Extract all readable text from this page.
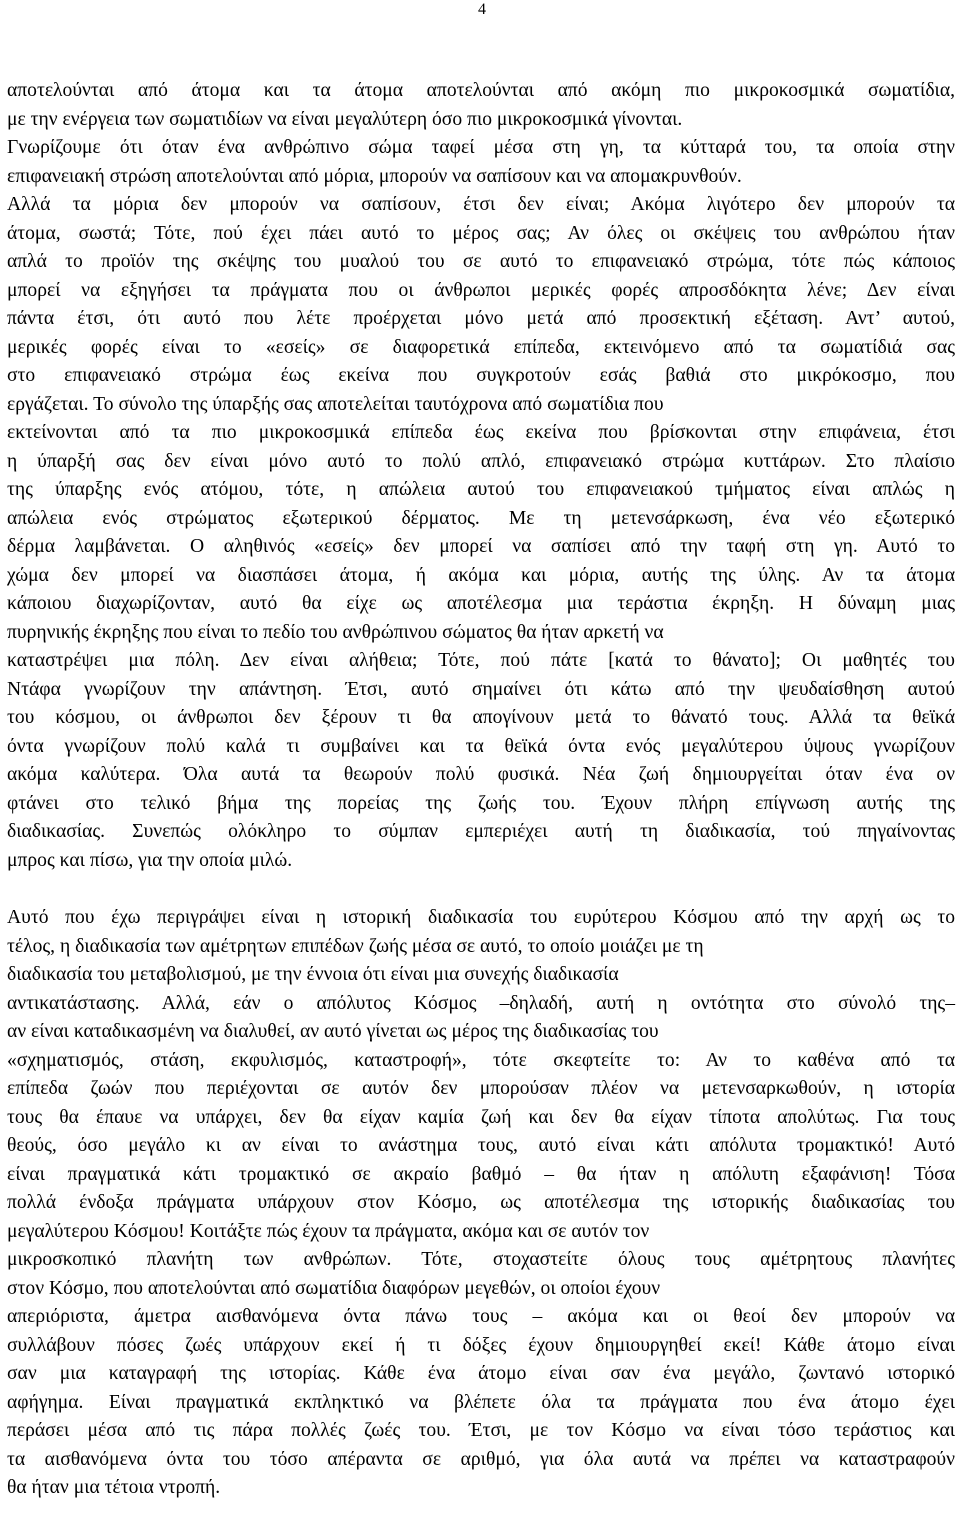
4
αποτελούνται από άτομα και τα άτομα αποτελούνται από ακόμη πιο μικροκοσμικά σωματίδια,
με την ενέργεια των σωματιδίων να είναι μεγαλύτερη όσο πιο μικροκοσμικά γίνονται.
Γνωρίζουμε ότι όταν ένα ανθρώπινο σώμα ταφεί μέσα στη γη, τα κύτταρά του, τα οποία στην
επιφανειακή στρώση αποτελούνται από μόρια, μπορούν να σαπίσουν και να απομακρυνθούν.
Αλλά τα μόρια δεν μπορούν να σαπίσουν, έτσι δεν είναι; Ακόμα λιγότερο δεν μπορούν τα
άτομα, σωστά; Τότε, πού έχει πάει αυτό το μέρος σας; Αν όλες οι σκέψεις του ανθρώπου ήταν
απλά το προϊόν της σκέψης του μυαλού του σε αυτό το επιφανειακό στρώμα, τότε πώς κάποιος
μπορεί να εξηγήσει τα πράγματα που οι άνθρωποι μερικές φορές απροσδόκητα λένε; Δεν είναι
πάντα έτσι, ότι αυτό που λέτε προέρχεται μόνο μετά από προσεκτική εξέταση. Αντ’ αυτού,
μερικές φορές είναι το «εσείς» σε διαφορετικά επίπεδα, εκτεινόμενο από τα σωματίδιά σας
στο επιφανειακό στρώμα έως εκείνα που συγκροτούν εσάς βαθιά στο μικρόκοσμο, που
εργάζεται. Το σύνολο της ύπαρξής σας αποτελείται ταυτόχρονα από σωματίδια που
εκτείνονται από τα πιο μικροκοσμικά επίπεδα έως εκείνα που βρίσκονται στην επιφάνεια, έτσι
η ύπαρξή σας δεν είναι μόνο αυτό το πολύ απλό, επιφανειακό στρώμα κυττάρων. Στο πλαίσιο
της ύπαρξης ενός ατόμου, τότε, η απώλεια αυτού του επιφανειακού τμήματος είναι απλώς η
απώλεια ενός στρώματος εξωτερικού δέρματος. Με τη μετενσάρκωση, ένα νέο εξωτερικό
δέρμα λαμβάνεται. Ο αληθινός «εσείς» δεν μπορεί να σαπίσει από την ταφή στη γη. Αυτό το
χώμα δεν μπορεί να διασπάσει άτομα, ή ακόμα και μόρια, αυτής της ύλης. Αν τα άτομα
κάποιου διαχωρίζονταν, αυτό θα είχε ως αποτέλεσμα μια τεράστια έκρηξη. Η δύναμη μιας
πυρηνικής έκρηξης που είναι το πεδίο του ανθρώπινου σώματος θα ήταν αρκετή να
καταστρέψει μια πόλη. Δεν είναι αλήθεια; Τότε, πού πάτε [κατά το θάνατο]; Οι μαθητές του
Ντάφα γνωρίζουν την απάντηση. Έτσι, αυτό σημαίνει ότι κάτω από την ψευδαίσθηση αυτού
του κόσμου, οι άνθρωποι δεν ξέρουν τι θα απογίνουν μετά το θάνατό τους. Αλλά τα θεϊκά
όντα γνωρίζουν πολύ καλά τι συμβαίνει και τα θεϊκά όντα ενός μεγαλύτερου ύψους γνωρίζουν
ακόμα καλύτερα. Όλα αυτά τα θεωρούν πολύ φυσικά. Νέα ζωή δημιουργείται όταν ένα ον
φτάνει στο τελικό βήμα της πορείας της ζωής του. Έχουν πλήρη επίγνωση αυτής της
διαδικασίας. Συνεπώς ολόκληρο το σύμπαν εμπεριέχει αυτή τη διαδικασία, τού πηγαίνοντας
μπρος και πίσω, για την οποία μιλώ.
Αυτό που έχω περιγράψει είναι η ιστορική διαδικασία του ευρύτερου Κόσμου από την αρχή ως το
τέλος, η διαδικασία των αμέτρητων επιπέδων ζωής μέσα σε αυτό, το οποίο μοιάζει με τη
διαδικασία του μεταβολισμού, με την έννοια ότι είναι μια συνεχής διαδικασία
αντικατάστασης. Αλλά, εάν ο απόλυτος Κόσμος –δηλαδή, αυτή η οντότητα στο σύνολό της–
αν είναι καταδικασμένη να διαλυθεί, αν αυτό γίνεται ως μέρος της διαδικασίας του
«σχηματισμός, στάση, εκφυλισμός, καταστροφή», τότε σκεφτείτε το: Αν το καθένα από τα
επίπεδα ζωών που περιέχονται σε αυτόν δεν μπορούσαν πλέον να μετενσαρκωθούν, η ιστορία
τους θα έπαυε να υπάρχει, δεν θα είχαν καμία ζωή και δεν θα είχαν τίποτα απολύτως. Για τους
θεούς, όσο μεγάλο κι αν είναι το ανάστημα τους, αυτό είναι κάτι απόλυτα τρομακτικό! Αυτό
είναι πραγματικά κάτι τρομακτικό σε ακραίο βαθμό – θα ήταν η απόλυτη εξαφάνιση! Τόσα
πολλά ένδοξα πράγματα υπάρχουν στον Κόσμο, ως αποτέλεσμα της ιστορικής διαδικασίας του
μεγαλύτερου Κόσμου! Κοιτάξτε πώς έχουν τα πράγματα, ακόμα και σε αυτόν τον
μικροσκοπικό πλανήτη των ανθρώπων. Τότε, στοχαστείτε όλους τους αμέτρητους πλανήτες
στον Κόσμο, που αποτελούνται από σωματίδια διαφόρων μεγεθών, οι οποίοι έχουν
απεριόριστα, άμετρα αισθανόμενα όντα πάνω τους – ακόμα και οι θεοί δεν μπορούν να
συλλάβουν πόσες ζωές υπάρχουν εκεί ή τι δόξες έχουν δημιουργηθεί εκεί! Κάθε άτομο είναι
σαν μια καταγραφή της ιστορίας. Κάθε ένα άτομο είναι σαν ένα μεγάλο, ζωντανό ιστορικό
αφήγημα. Είναι πραγματικά εκπληκτικό να βλέπετε όλα τα πράγματα που ένα άτομο έχει
περάσει μέσα από τις πάρα πολλές ζωές του. Έτσι, με τον Κόσμο να είναι τόσο τεράστιος και
τα αισθανόμενα όντα του τόσο απέραντα σε αριθμό, για όλα αυτά να πρέπει να καταστραφούν
θα ήταν μια τέτοια ντροπή.
